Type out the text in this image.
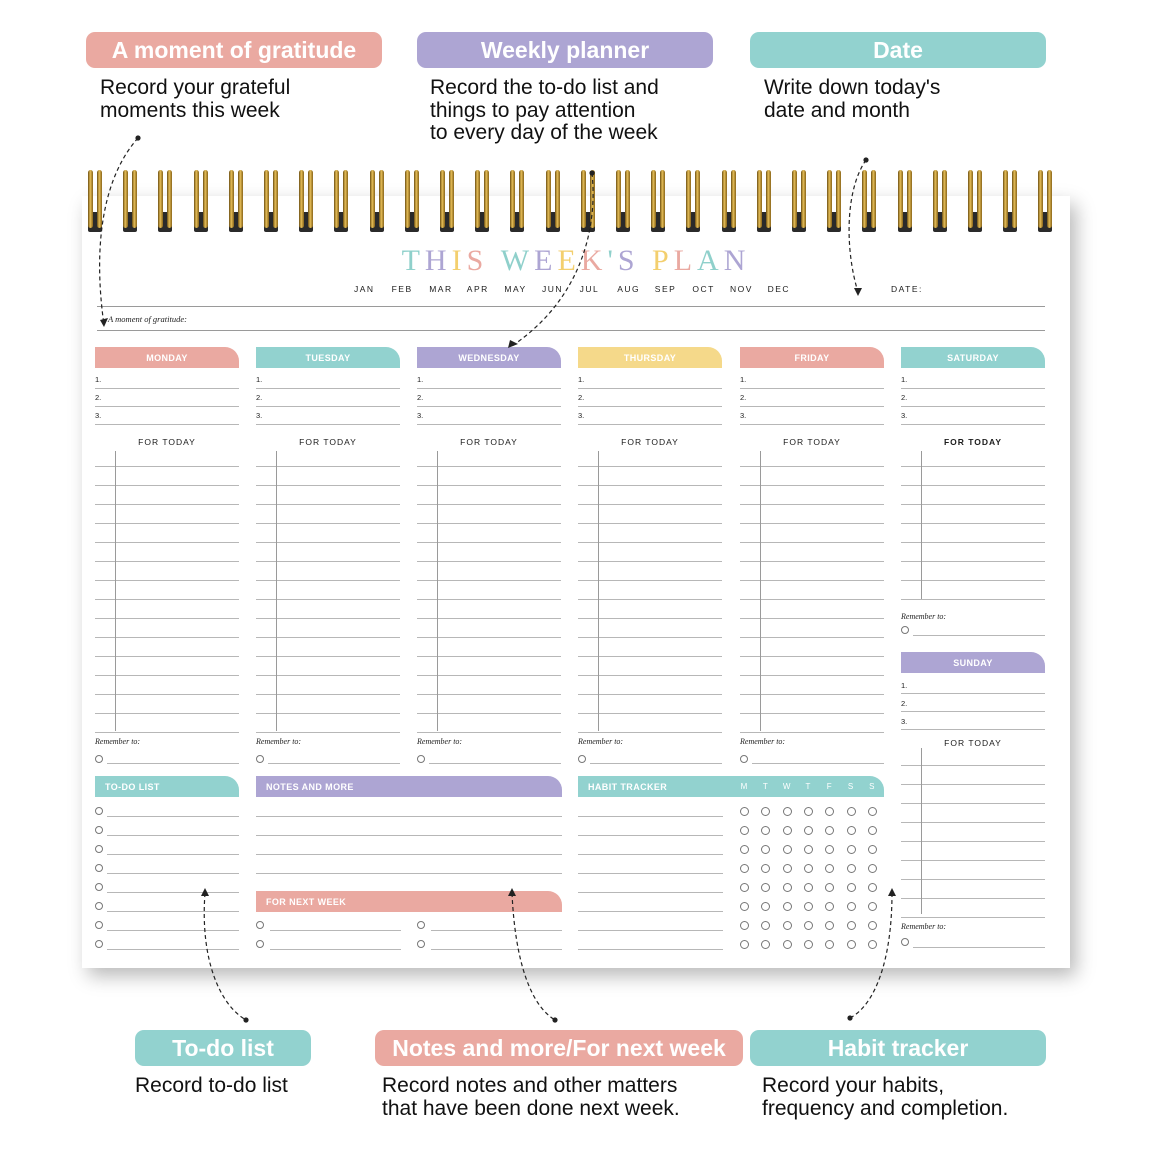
A moment of gratitude
Record your grateful
moments this week
Weekly planner
Record the to-do list and
things to pay attention
to every day of the week
Date
Write down today's
date and month
To-do list
Record to-do list
Notes and more/For next week
Record notes and other matters
that have been done next week.
Habit tracker
Record your habits,
frequency and completion.
THIS WEEK'S PLAN
JAN FEB MAR APR MAY JUN JUL AUG SEP OCT NOV DEC	DATE:
A moment of gratitude:
MONDAY
1.
2.
3.
FOR TODAY
Remember to:
TUESDAY
1.
2.
3.
FOR TODAY
Remember to:
WEDNESDAY
1.
2.
3.
FOR TODAY
Remember to:
THURSDAY
1.
2.
3.
FOR TODAY
Remember to:
FRIDAY
1.
2.
3.
FOR TODAY
Remember to:
SATURDAY
1.
2.
3.
FOR TODAY
Remember to:
SUNDAY
1.
2.
3.
FOR TODAY
Remember to:
TO-DO LIST	NOTES AND MORE
FOR NEXT WEEK
HABIT TRACKER	M	T	W	T	F	S	S
